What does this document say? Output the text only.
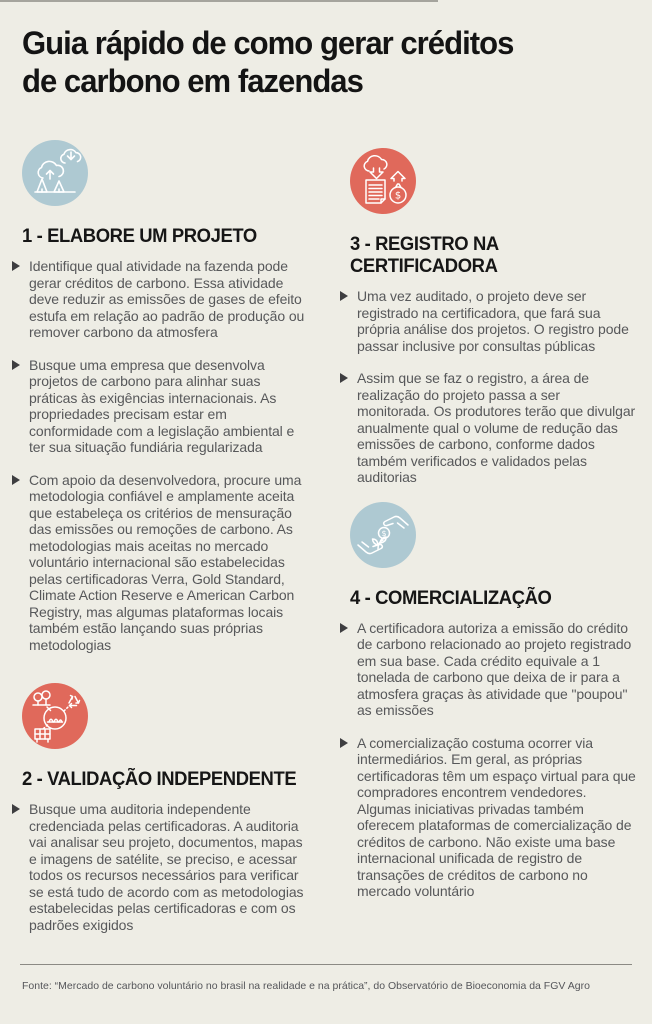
Guia rápido de como gerar créditos
de carbono em fazendas
1 - ELABORE UM PROJETO
Identifique qual atividade na fazenda pode gerar créditos de carbono. Essa atividade deve reduzir as emissões de gases de efeito estufa em relação ao padrão de produção ou remover carbono da atmosfera
Busque uma empresa que desenvolva projetos de carbono para alinhar suas práticas às exigências internacionais. As propriedades precisam estar em conformidade com a legislação ambiental e ter sua situação fundiária regularizada
Com apoio da desenvolvedora, procure uma metodologia confiável e amplamente aceita que estabeleça os critérios de mensuração das emissões ou remoções de carbono. As metodologias mais aceitas no mercado voluntário internacional são estabelecidas pelas certificadoras Verra, Gold Standard, Climate Action Reserve e American Carbon Registry, mas algumas plataformas locais também estão lançando suas próprias metodologias
2 - VALIDAÇÃO INDEPENDENTE
Busque uma auditoria independente credenciada pelas certificadoras. A auditoria vai analisar seu projeto, documentos, mapas e imagens de satélite, se preciso, e acessar todos os recursos necessários para verificar se está tudo de acordo com as metodologias estabelecidas pelas certificadoras e com os padrões exigidos
$
3 - REGISTRO NA CERTIFICADORA
Uma vez auditado, o projeto deve ser registrado na certificadora, que fará sua própria análise dos projetos. O registro pode passar inclusive por consultas públicas
Assim que se faz o registro, a área de realização do projeto passa a ser monitorada. Os produtores terão que divulgar anualmente qual o volume de redução das emissões de carbono, conforme dados também verificados e validados pelas auditorias
$
4 - COMERCIALIZAÇÃO
A certificadora autoriza a emissão do crédito de carbono relacionado ao projeto registrado em sua base. Cada crédito equivale a 1 tonelada de carbono que deixa de ir para a atmosfera graças às atividade que "poupou" as emissões
A comercialização costuma ocorrer via intermediários. Em geral, as próprias certificadoras têm um espaço virtual para que compradores encontrem vendedores. Algumas iniciativas privadas também oferecem plataformas de comercialização de créditos de carbono. Não existe uma base internacional unificada de registro de transações de créditos de carbono no mercado voluntário
Fonte: “Mercado de carbono voluntário no brasil na realidade e na prática”, do Observatório de Bioeconomia da FGV Agro
